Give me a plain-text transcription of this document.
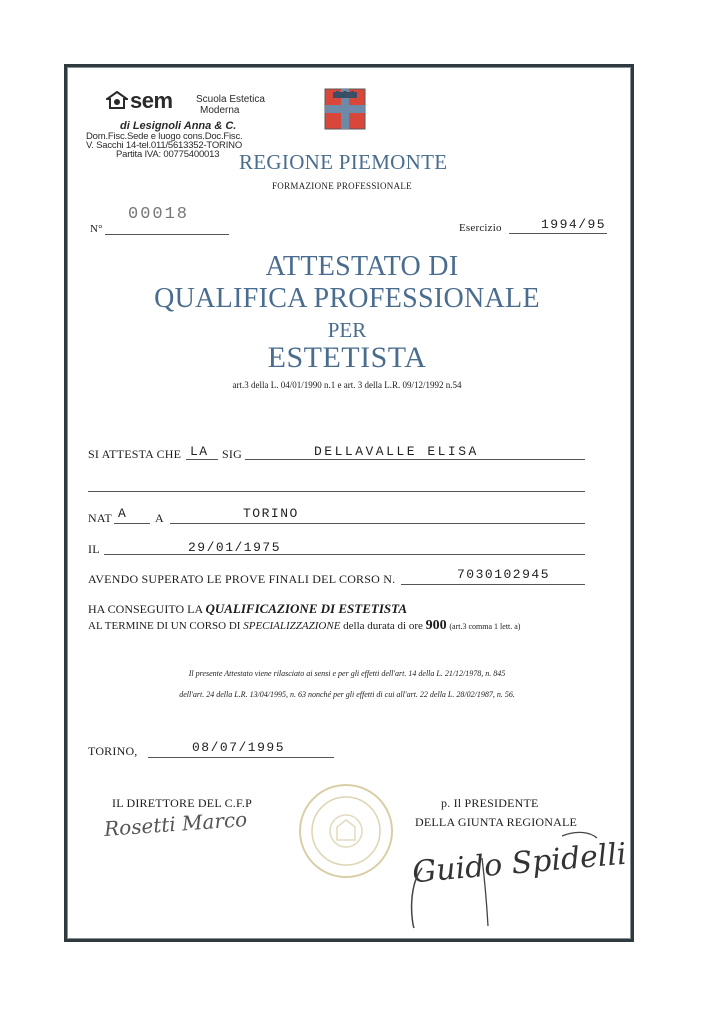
sem Scuola Estetica
Moderna
di Lesignoli Anna & C.
Dom.Fisc.Sede e luogo cons.Doc.Fisc.
V. Sacchi 14-tel.011/5613352-TORINO
Partita IVA: 00775400013 REGIONE PIEMONTE
FORMAZIONE PROFESSIONALE
N°
00018
Esercizio	1994/95
ATTESTATO DI
QUALIFICA PROFESSIONALE
PER
ESTETISTA
art.3 della L. 04/01/1990 n.1 e art. 3 della L.R. 09/12/1992 n.54
SI ATTESTA CHE LA SIG	DELLAVALLE ELISA
NAT A A	TORINO
IL	29/01/1975
AVENDO SUPERATO LE PROVE FINALI DEL CORSO N.	7030102945
HA CONSEGUITO LA QUALIFICAZIONE DI ESTETISTA
AL TERMINE DI UN CORSO DI SPECIALIZZAZIONE della durata di ore 900 (art.3 comma 1 lett. a)
Il presente Attestato viene rilasciato ai sensi e per gli effetti dell'art. 14 della L. 21/12/1978, n. 845
dell'art. 24 della L.R. 13/04/1995, n. 63 nonché per gli effetti di cui all'art. 22 della L. 28/02/1987, n. 56.
TORINO,	08/07/1995
IL DIRETTORE DEL C.F.P
Rosetti Marco
p. Il PRESIDENTE
DELLA GIUNTA REGIONALE
Guido Spidelli
